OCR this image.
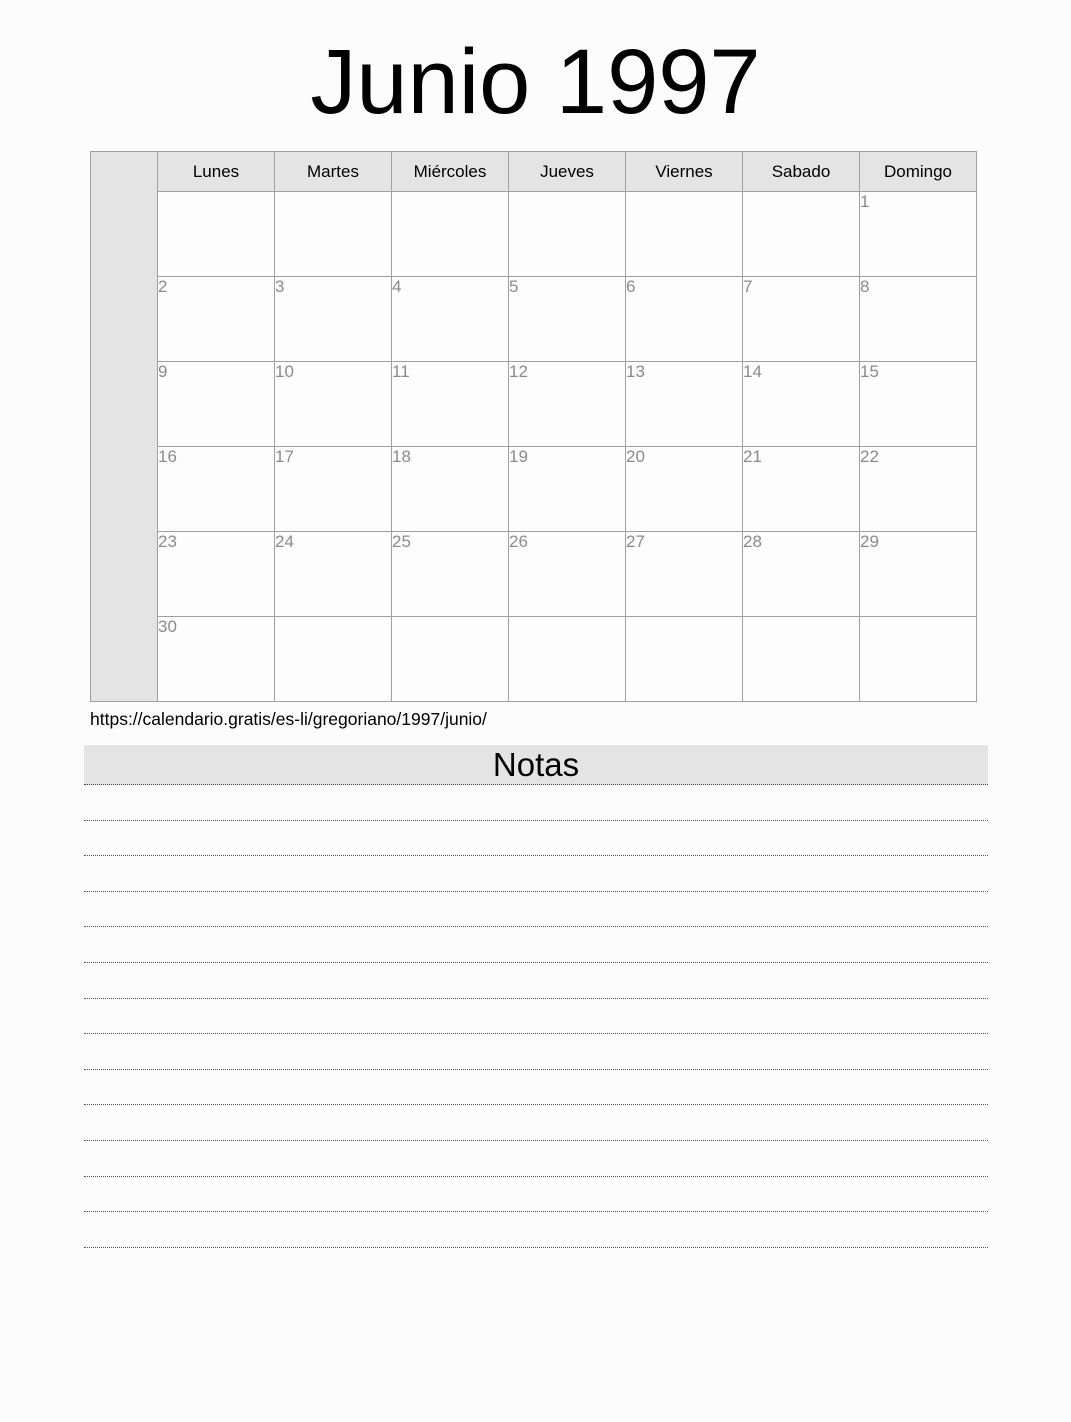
Junio 1997
	Lunes	Martes	Miércoles	Jueves	Viernes	Sabado	Domingo
							1
	2	3	4	5	6	7	8
	9	10	11	12	13	14	15
	16	17	18	19	20	21	22
	23	24	25	26	27	28	29
	30						
https://calendario.gratis/es-li/gregoriano/1997/junio/
Notas
